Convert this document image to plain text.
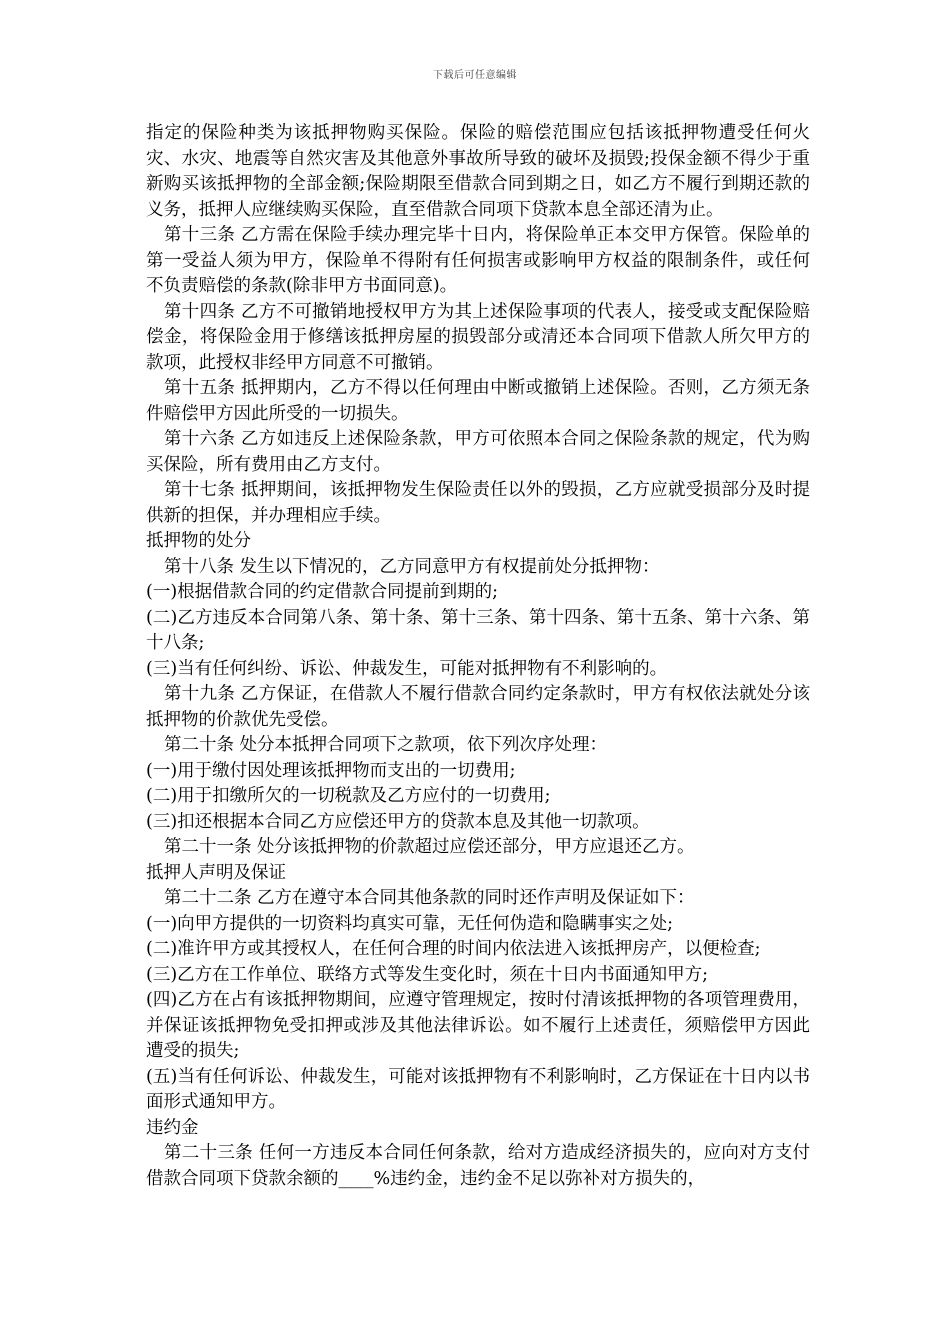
下载后可任意编辑

指定的保险种类为该抵押物购买保险。保险的赔偿范围应包括该抵押物遭受任何火灾、水灾、地震等自然灾害及其他意外事故所导致的破坏及损毁;投保金额不得少于重新购买该抵押物的全部金额;保险期限至借款合同到期之日，如乙方不履行到期还款的义务，抵押人应继续购买保险，直至借款合同项下贷款本息全部还清为止。

第十三条 乙方需在保险手续办理完毕十日内，将保险单正本交甲方保管。保险单的第一受益人须为甲方，保险单不得附有任何损害或影响甲方权益的限制条件，或任何不负责赔偿的条款(除非甲方书面同意)。

第十四条 乙方不可撤销地授权甲方为其上述保险事项的代表人，接受或支配保险赔偿金，将保险金用于修缮该抵押房屋的损毁部分或清还本合同项下借款人所欠甲方的款项，此授权非经甲方同意不可撤销。

第十五条 抵押期内，乙方不得以任何理由中断或撤销上述保险。否则，乙方须无条件赔偿甲方因此所受的一切损失。

第十六条 乙方如违反上述保险条款，甲方可依照本合同之保险条款的规定，代为购买保险，所有费用由乙方支付。

第十七条 抵押期间，该抵押物发生保险责任以外的毁损，乙方应就受损部分及时提供新的担保，并办理相应手续。

抵押物的处分

第十八条 发生以下情况的，乙方同意甲方有权提前处分抵押物：

(一)根据借款合同的约定借款合同提前到期的;

(二)乙方违反本合同第八条、第十条、第十三条、第十四条、第十五条、第十六条、第十八条;

(三)当有任何纠纷、诉讼、仲裁发生，可能对抵押物有不利影响的。

第十九条 乙方保证，在借款人不履行借款合同约定条款时，甲方有权依法就处分该抵押物的价款优先受偿。

第二十条 处分本抵押合同项下之款项，依下列次序处理：

(一)用于缴付因处理该抵押物而支出的一切费用;

(二)用于扣缴所欠的一切税款及乙方应付的一切费用;

(三)扣还根据本合同乙方应偿还甲方的贷款本息及其他一切款项。

第二十一条 处分该抵押物的价款超过应偿还部分，甲方应退还乙方。

抵押人声明及保证

第二十二条 乙方在遵守本合同其他条款的同时还作声明及保证如下：

(一)向甲方提供的一切资料均真实可靠，无任何伪造和隐瞒事实之处;

(二)准许甲方或其授权人，在任何合理的时间内依法进入该抵押房产，以便检查;

(三)乙方在工作单位、联络方式等发生变化时，须在十日内书面通知甲方;

(四)乙方在占有该抵押物期间，应遵守管理规定，按时付清该抵押物的各项管理费用，并保证该抵押物免受扣押或涉及其他法律诉讼。如不履行上述责任，须赔偿甲方因此遭受的损失;

(五)当有任何诉讼、仲裁发生，可能对该抵押物有不利影响时，乙方保证在十日内以书面形式通知甲方。

违约金

第二十三条 任何一方违反本合同任何条款，给对方造成经济损失的，应向对方支付借款合同项下贷款余额的____%违约金，违约金不足以弥补对方损失的，
